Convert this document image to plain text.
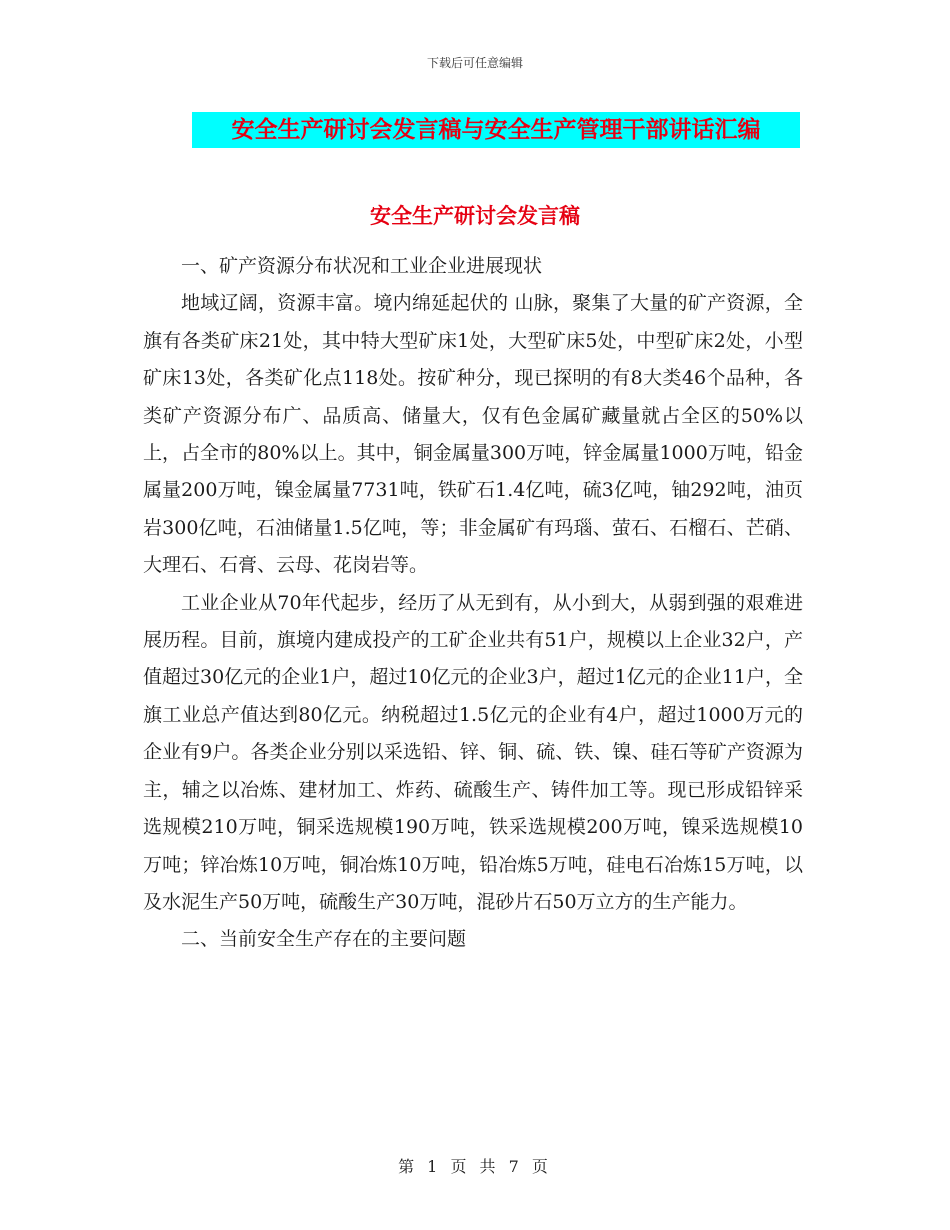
下载后可任意编辑
安全生产研讨会发言稿与安全生产管理干部讲话汇编
安全生产研讨会发言稿

一、矿产资源分布状况和工业企业进展现状

地域辽阔，资源丰富。境内绵延起伏的 山脉，聚集了大量的矿产资源，全旗有各类矿床21处，其中特大型矿床1处，大型矿床5处，中型矿床2处，小型矿床13处，各类矿化点118处。按矿种分，现已探明的有8大类46个品种，各类矿产资源分布广、品质高、储量大，仅有色金属矿藏量就占全区的50%以上，占全市的80%以上。其中，铜金属量300万吨，锌金属量1000万吨，铅金属量200万吨，镍金属量7731吨，铁矿石1.4亿吨，硫3亿吨，铀292吨，油页岩300亿吨，石油储量1.5亿吨，等；非金属矿有玛瑙、萤石、石榴石、芒硝、大理石、石膏、云母、花岗岩等。

工业企业从70年代起步，经历了从无到有，从小到大，从弱到强的艰难进展历程。目前，旗境内建成投产的工矿企业共有51户，规模以上企业32户，产值超过30亿元的企业1户，超过10亿元的企业3户，超过1亿元的企业11户，全旗工业总产值达到80亿元。纳税超过1.5亿元的企业有4户，超过1000万元的企业有9户。各类企业分别以采选铅、锌、铜、硫、铁、镍、硅石等矿产资源为主，辅之以冶炼、建材加工、炸药、硫酸生产、铸件加工等。现已形成铅锌采选规模210万吨，铜采选规模190万吨，铁采选规模200万吨，镍采选规模10万吨；锌冶炼10万吨，铜冶炼10万吨，铅冶炼5万吨，硅电石冶炼15万吨，以及水泥生产50万吨，硫酸生产30万吨，混砂片石50万立方的生产能力。

二、当前安全生产存在的主要问题

第 1 页 共 7 页
